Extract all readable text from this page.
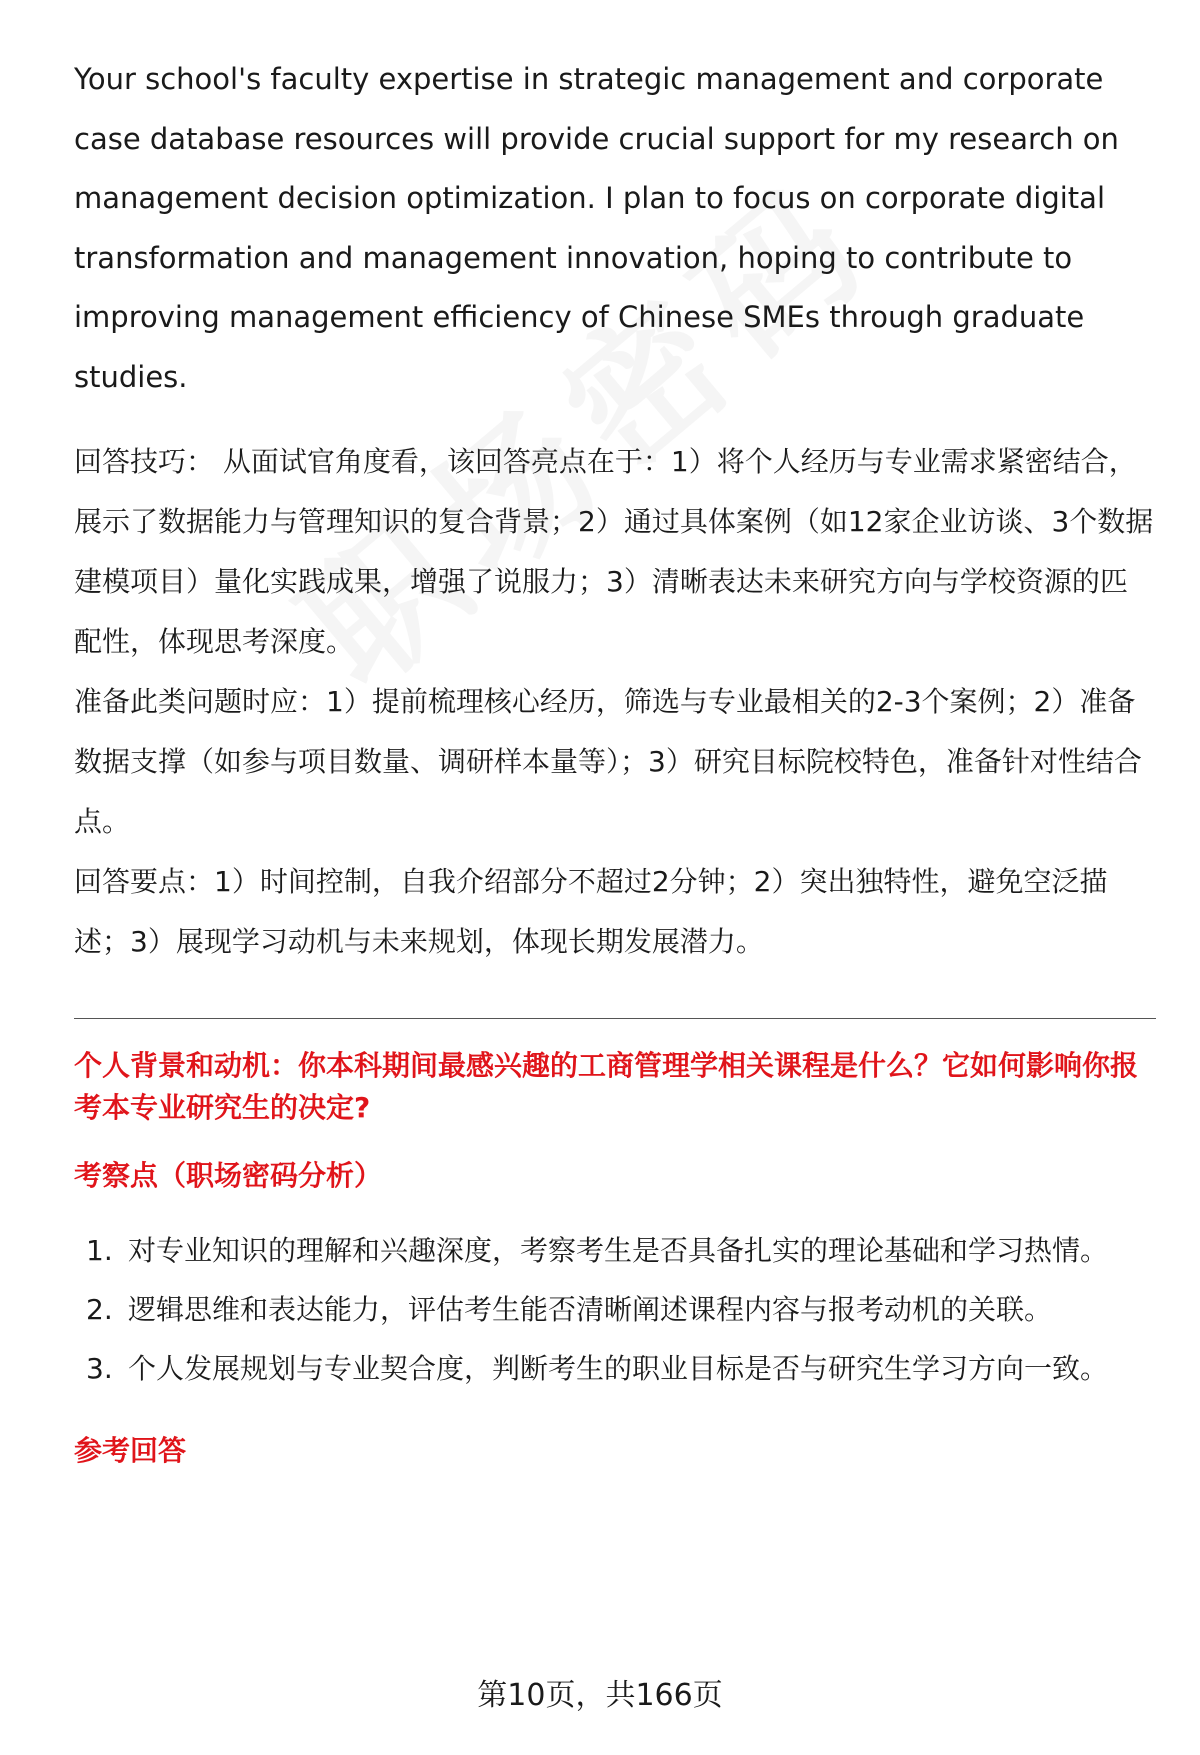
Your school's faculty expertise in strategic management and corporate case database resources will provide crucial support for my research on management decision optimization. I plan to focus on corporate digital transformation and management innovation, hoping to contribute to improving management efficiency of Chinese SMEs through graduate studies.

回答技巧： 从面试官角度看，该回答亮点在于：1）将个人经历与专业需求紧密结合，展示了数据能力与管理知识的复合背景；2）通过具体案例（如12家企业访谈、3个数据建模项目）量化实践成果，增强了说服力；3）清晰表达未来研究方向与学校资源的匹配性，体现思考深度。

准备此类问题时应：1）提前梳理核心经历，筛选与专业最相关的2-3个案例；2）准备数据支撑（如参与项目数量、调研样本量等）；3）研究目标院校特色，准备针对性结合点。

回答要点：1）时间控制，自我介绍部分不超过2分钟；2）突出独特性，避免空泛描述；3）展现学习动机与未来规划，体现长期发展潜力。

个人背景和动机：你本科期间最感兴趣的工商管理学相关课程是什么？它如何影响你报考本专业研究生的决定?
考察点（职场密码分析）
1. 对专业知识的理解和兴趣深度，考察考生是否具备扎实的理论基础和学习热情。
2. 逻辑思维和表达能力，评估考生能否清晰阐述课程内容与报考动机的关联。
3. 个人发展规划与专业契合度，判断考生的职业目标是否与研究生学习方向一致。
参考回答
第10页，共166页
